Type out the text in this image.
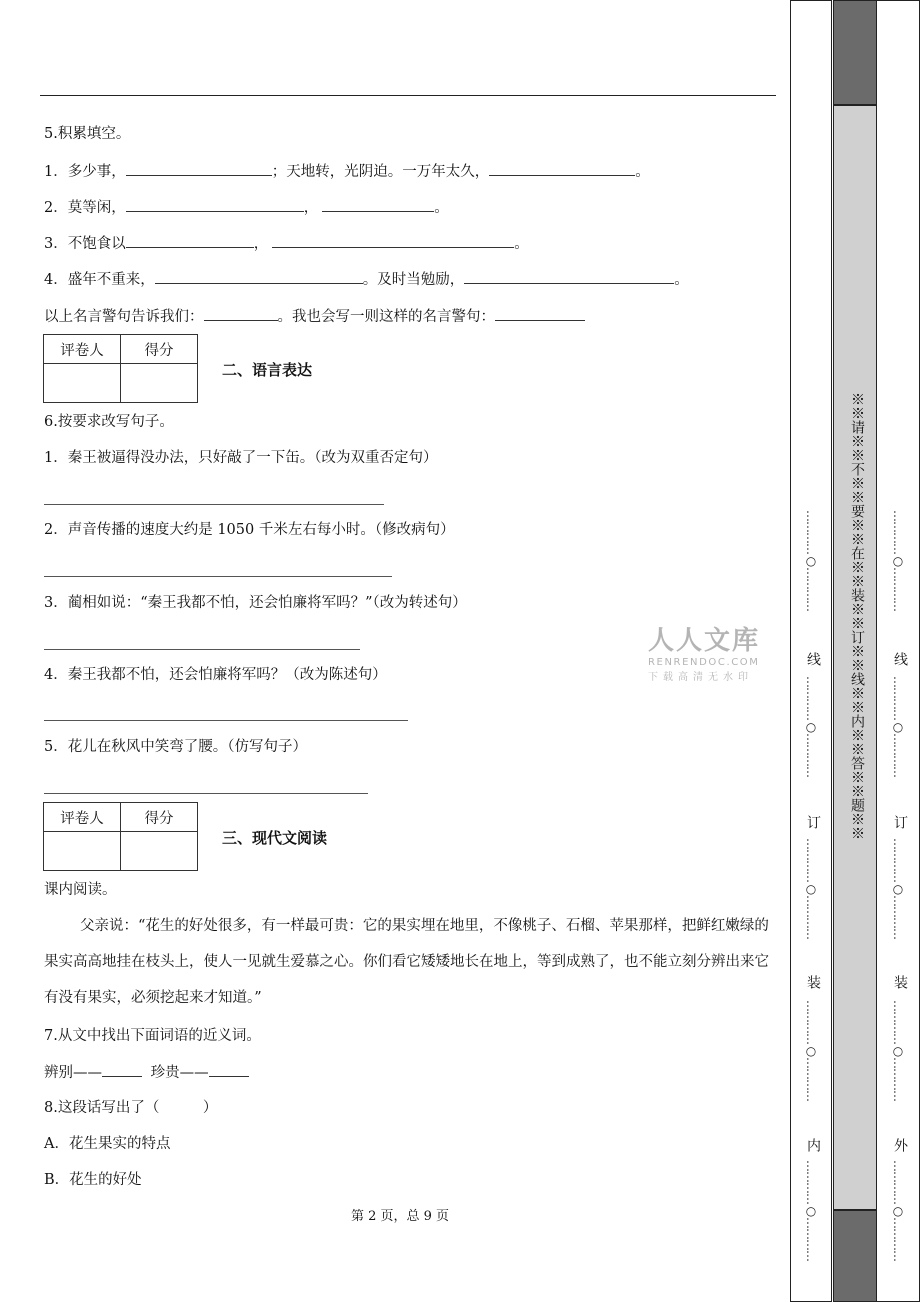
5.积累填空。
1．多少事，	；天地转，光阴迫。一万年太久，	。
2．莫等闲，	，	。
3．不饱食以	，	。
4．盛年不重来，	。及时当勉励，	。
以上名言警句告诉我们：	。我也会写一则这样的名言警句：
评卷人	得分

二、语言表达
6.按要求改写句子。
1．秦王被逼得没办法，只好敲了一下缶。（改为双重否定句）
2．声音传播的速度大约是 1050 千米左右每小时。（修改病句）
3．蔺相如说：“秦王我都不怕，还会怕廉将军吗？”（改为转述句）
4．秦王我都不怕，还会怕廉将军吗？（改为陈述句）
5．花儿在秋风中笑弯了腰。（仿写句子）
评卷人	得分

三、现代文阅读
课内阅读。
父亲说：“花生的好处很多，有一样最可贵：它的果实埋在地里，不像桃子、石榴、苹果那样，把鲜红嫩绿的果实高高地挂在枝头上，使人一见就生爱慕之心。你们看它矮矮地长在地上，等到成熟了，也不能立刻分辨出来它有没有果实，必须挖起来才知道。”
7.从文中找出下面词语的近义词。
辨别——	珍贵——
8.这段话写出了（　　　）
A．花生果实的特点
B．花生的好处
第 2 页，总 9 页
人人文库
RENRENDOC.COM
下载高清无水印	※※请※※不※※要※※在※※装※※订※※线※※内※※答※※题※※
…………○…………
线
…………○…………
订
…………○…………
装
…………○…………
内
…………○…………
…………○…………
线
…………○…………
订
…………○…………
装
…………○…………
外
…………○…………
